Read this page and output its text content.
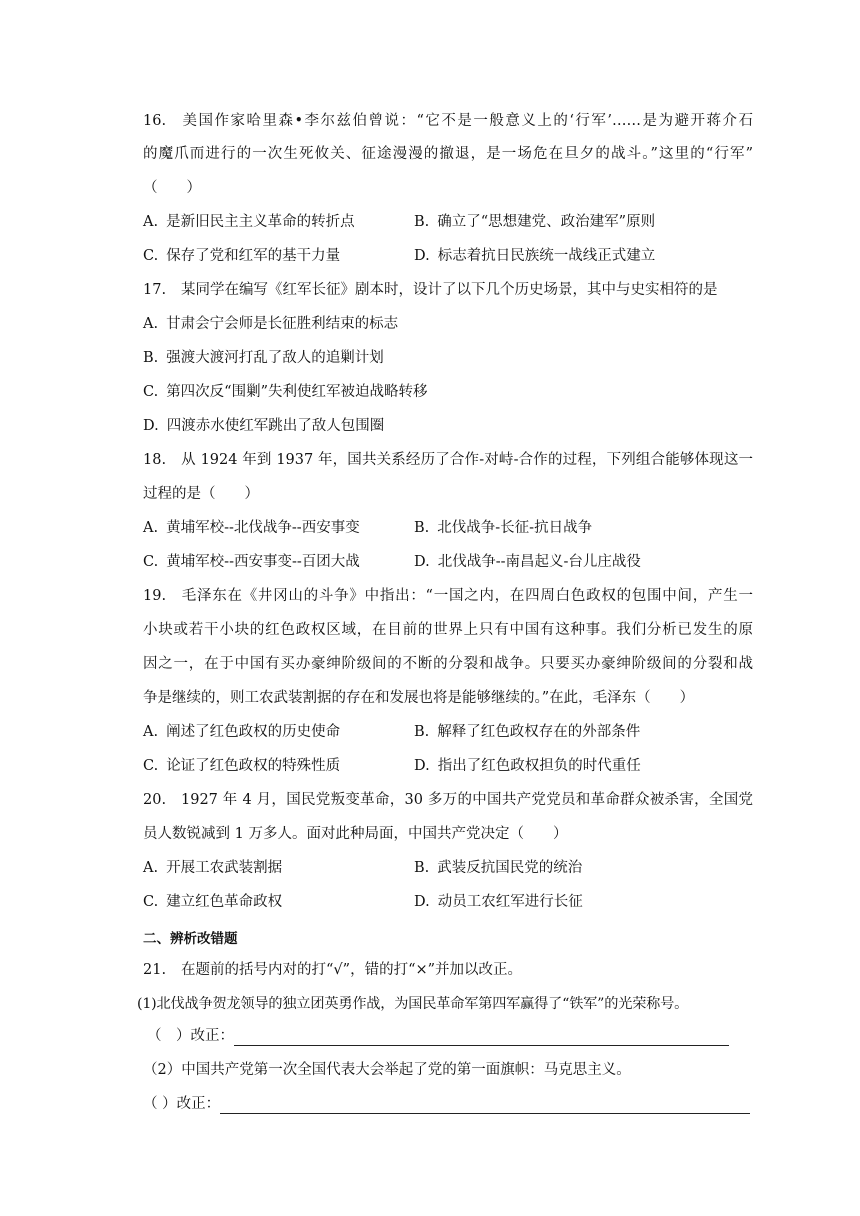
16. 美国作家哈里森•李尔兹伯曾说：“它不是一般意义上的‘行军’……是为避开蒋介石
的魔爪而进行的一次生死攸关、征途漫漫的撤退，是一场危在旦夕的战斗。”这里的“行军”
（　　）
A. 是新旧民主主义革命的转折点	B. 确立了“思想建党、政治建军”原则
C. 保存了党和红军的基干力量	D. 标志着抗日民族统一战线正式建立
17. 某同学在编写《红军长征》剧本时，设计了以下几个历史场景，其中与史实相符的是
A. 甘肃会宁会师是长征胜利结束的标志
B. 强渡大渡河打乱了敌人的追剿计划
C. 第四次反“围剿”失利使红军被迫战略转移
D. 四渡赤水使红军跳出了敌人包围圈
18. 从 1924 年到 1937 年，国共关系经历了合作-对峙-合作的过程，下列组合能够体现这一
过程的是（　　）
A. 黄埔军校--北伐战争--西安事变	B. 北伐战争-长征-抗日战争
C. 黄埔军校--西安事变--百团大战	D. 北伐战争--南昌起义-台儿庄战役
19. 毛泽东在《井冈山的斗争》中指出：“一国之内，在四周白色政权的包围中间，产生一
小块或若干小块的红色政权区域，在目前的世界上只有中国有这种事。我们分析已发生的原
因之一，在于中国有买办豪绅阶级间的不断的分裂和战争。只要买办豪绅阶级间的分裂和战
争是继续的，则工农武装割据的存在和发展也将是能够继续的。”在此，毛泽东（　　）
A. 阐述了红色政权的历史使命	B. 解释了红色政权存在的外部条件
C. 论证了红色政权的特殊性质	D. 指出了红色政权担负的时代重任
20. 1927 年 4 月，国民党叛变革命，30 多万的中国共产党党员和革命群众被杀害，全国党
员人数锐减到 1 万多人。面对此种局面，中国共产党决定（　　）
A. 开展工农武装割据	B. 武装反抗国民党的统治
C. 建立红色革命政权	D. 动员工农红军进行长征
二、辨析改错题
21. 在题前的括号内对的打“√”，错的打“×”并加以改正。
(1)北伐战争贺龙领导的独立团英勇作战，为国民革命军第四军赢得了“铁军”的光荣称号。
（　）改正：
（2）中国共产党第一次全国代表大会举起了党的第一面旗帜：马克思主义。
（ ）改正：
